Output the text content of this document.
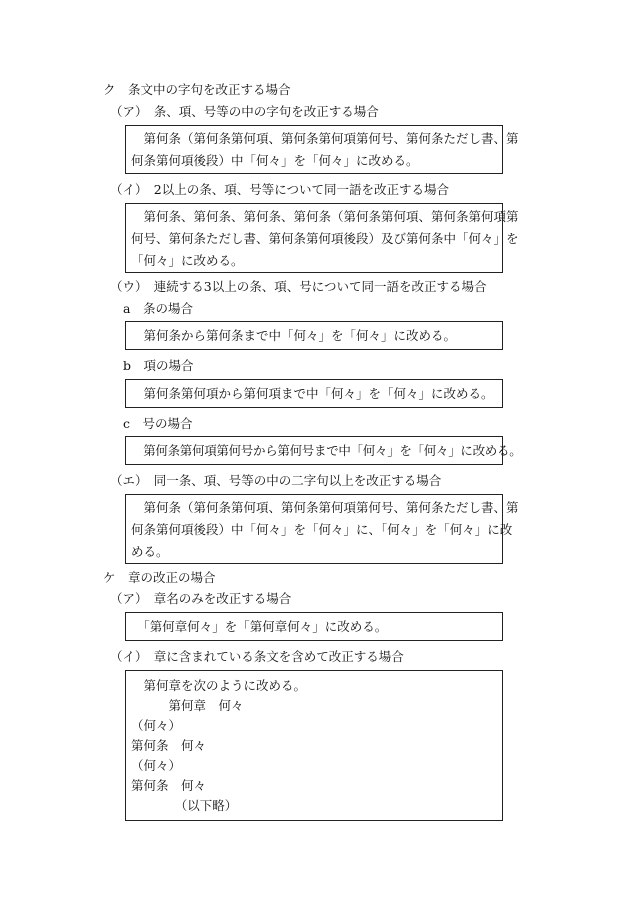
ク　条文中の字句を改正する場合
（ア）　条、項、号等の中の字句を改正する場合
　第何条（第何条第何項、第何条第何項第何号、第何条ただし書、第
何条第何項後段）中「何々」を「何々」に改める。
（イ）　2以上の条、項、号等について同一語を改正する場合
　第何条、第何条、第何条、第何条（第何条第何項、第何条第何項第
何号、第何条ただし書、第何条第何項後段）及び第何条中「何々」を
「何々」に改める。
（ウ）　連続する3以上の条、項、号について同一語を改正する場合
a　条の場合
　第何条から第何条まで中「何々」を「何々」に改める。
b　項の場合
　第何条第何項から第何項まで中「何々」を「何々」に改める。
c　号の場合
　第何条第何項第何号から第何号まで中「何々」を「何々」に改める。
（エ）　同一条、項、号等の中の二字句以上を改正する場合
　第何条（第何条第何項、第何条第何項第何号、第何条ただし書、第
何条第何項後段）中「何々」を「何々」に、「何々」を「何々」に改
める。
ケ　章の改正の場合
（ア）　章名のみを改正する場合
　「第何章何々」を「第何章何々」に改める。
（イ）　章に含まれている条文を含めて改正する場合
　第何章を次のように改める。
　　　第何章　何々
（何々）
第何条　何々
（何々）
第何条　何々
　　　　（以下略）
